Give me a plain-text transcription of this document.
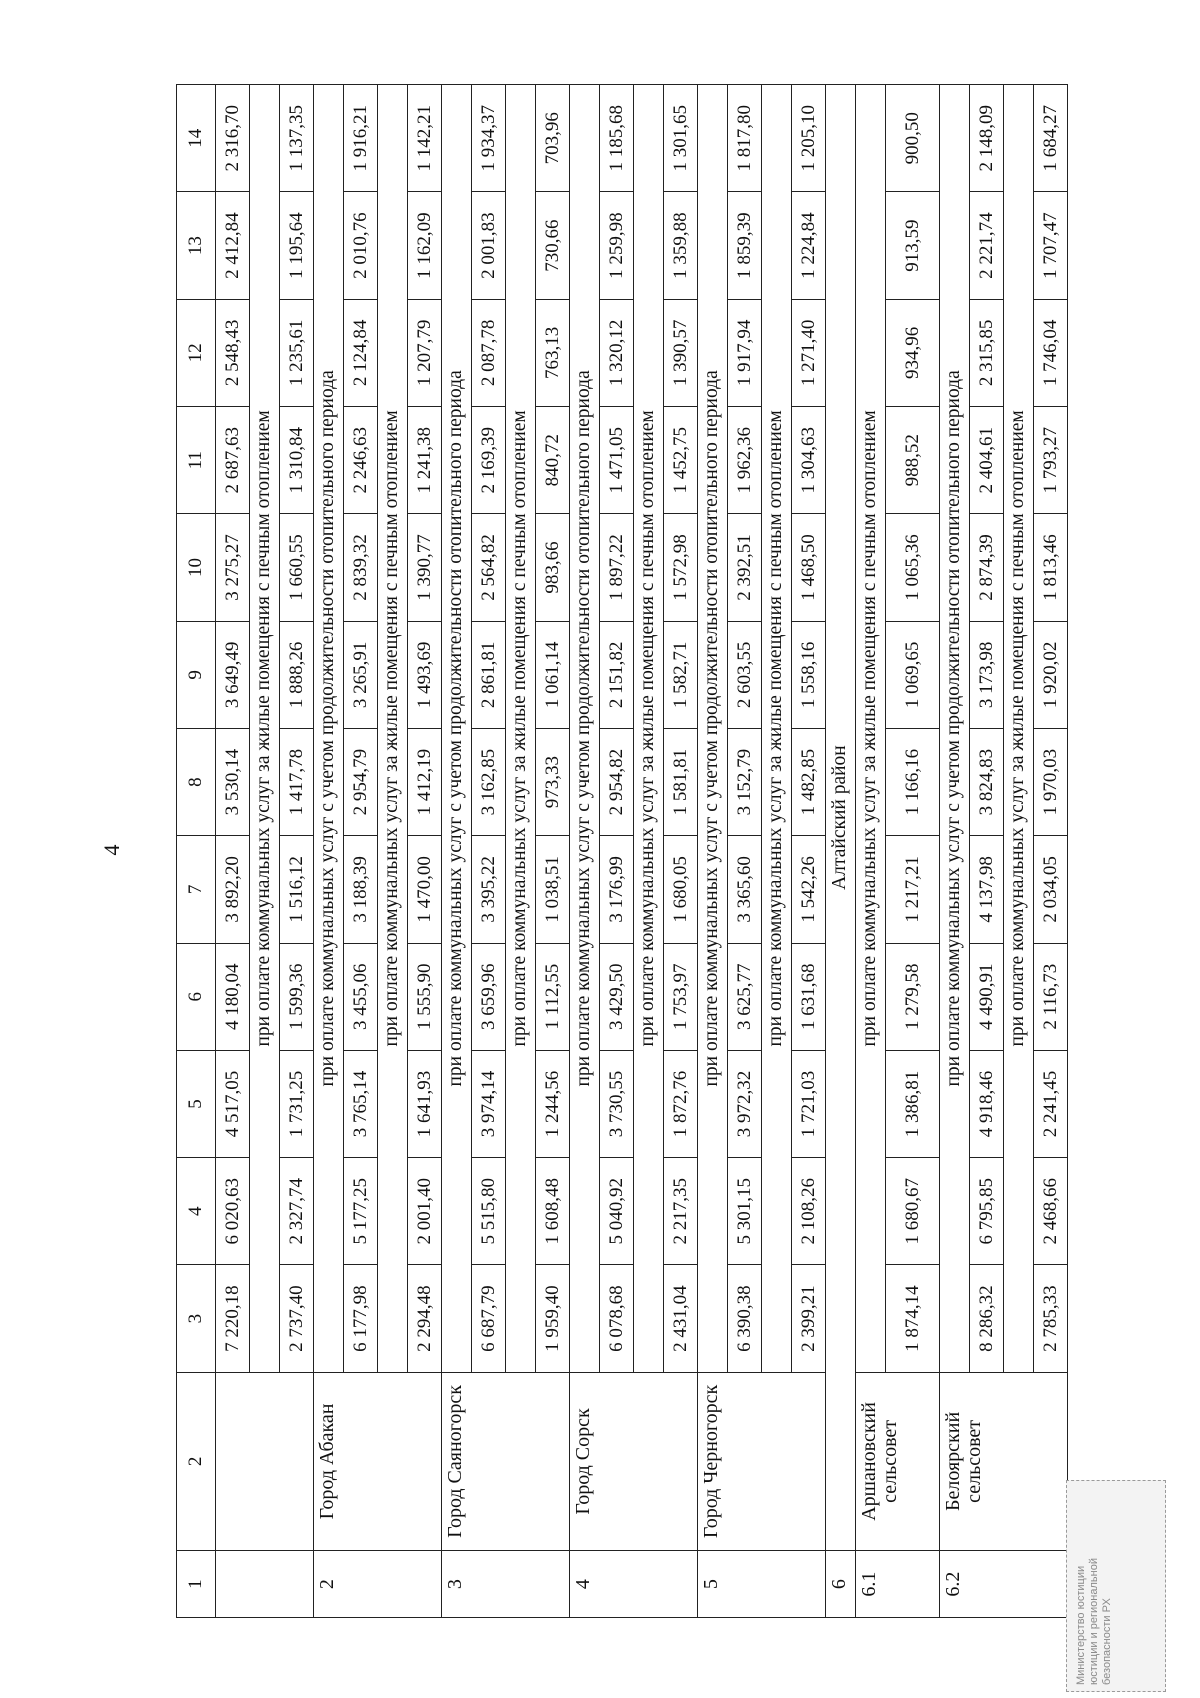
4
1	2	3	4	5	6	7	8	9	10	11	12	13	14
		7 220,18	6 020,63	4 517,05	4 180,04	3 892,20	3 530,14	3 649,49	3 275,27	2 687,63	2 548,43	2 412,84	2 316,70
		при оплате коммунальных услуг за жилые помещения с печным отоплением											
		2 737,40	2 327,74	1 731,25	1 599,36	1 516,12	1 417,78	1 888,26	1 660,55	1 310,84	1 235,61	1 195,64	1 137,35
2	Город Абакан	при оплате коммунальных услуг с учетом продолжительности отопительного периода											
		6 177,98	5 177,25	3 765,14	3 455,06	3 188,39	2 954,79	3 265,91	2 839,32	2 246,63	2 124,84	2 010,76	1 916,21
		при оплате коммунальных услуг за жилые помещения с печным отоплением											
		2 294,48	2 001,40	1 641,93	1 555,90	1 470,00	1 412,19	1 493,69	1 390,77	1 241,38	1 207,79	1 162,09	1 142,21
3	Город Саяногорск	при оплате коммунальных услуг с учетом продолжительности отопительного периода											
		6 687,79	5 515,80	3 974,14	3 659,96	3 395,22	3 162,85	2 861,81	2 564,82	2 169,39	2 087,78	2 001,83	1 934,37
		при оплате коммунальных услуг за жилые помещения с печным отоплением											
		1 959,40	1 608,48	1 244,56	1 112,55	1 038,51	973,33	1 061,14	983,66	840,72	763,13	730,66	703,96
4	Город Сорск	при оплате коммунальных услуг с учетом продолжительности отопительного периода											
		6 078,68	5 040,92	3 730,55	3 429,50	3 176,99	2 954,82	2 151,82	1 897,22	1 471,05	1 320,12	1 259,98	1 185,68
		при оплате коммунальных услуг за жилые помещения с печным отоплением											
		2 431,04	2 217,35	1 872,76	1 753,97	1 680,05	1 581,81	1 582,71	1 572,98	1 452,75	1 390,57	1 359,88	1 301,65
5	Город Черногорск	при оплате коммунальных услуг с учетом продолжительности отопительного периода											
		6 390,38	5 301,15	3 972,32	3 625,77	3 365,60	3 152,79	2 603,55	2 392,51	1 962,36	1 917,94	1 859,39	1 817,80
		при оплате коммунальных услуг за жилые помещения с печным отоплением											
		2 399,21	2 108,26	1 721,03	1 631,68	1 542,26	1 482,85	1 558,16	1 468,50	1 304,63	1 271,40	1 224,84	1 205,10
6	Алтайский район												
6.1	Аршановский сельсовет	при оплате коммунальных услуг за жилые помещения с печным отоплением											
		1 874,14	1 680,67	1 386,81	1 279,58	1 217,21	1 166,16	1 069,65	1 065,36	988,52	934,96	913,59	900,50
6.2	Белоярский сельсовет	при оплате коммунальных услуг с учетом продолжительности отопительного периода											
		8 286,32	6 795,85	4 918,46	4 490,91	4 137,98	3 824,83	3 173,98	2 874,39	2 404,61	2 315,85	2 221,74	2 148,09
		при оплате коммунальных услуг за жилые помещения с печным отоплением											
		2 785,33	2 468,66	2 241,45	2 116,73	2 034,05	1 970,03	1 920,02	1 813,46	1 793,27	1 746,04	1 707,47	1 684,27
Министерство юстиции юстиции и региональной безопасности РХ
